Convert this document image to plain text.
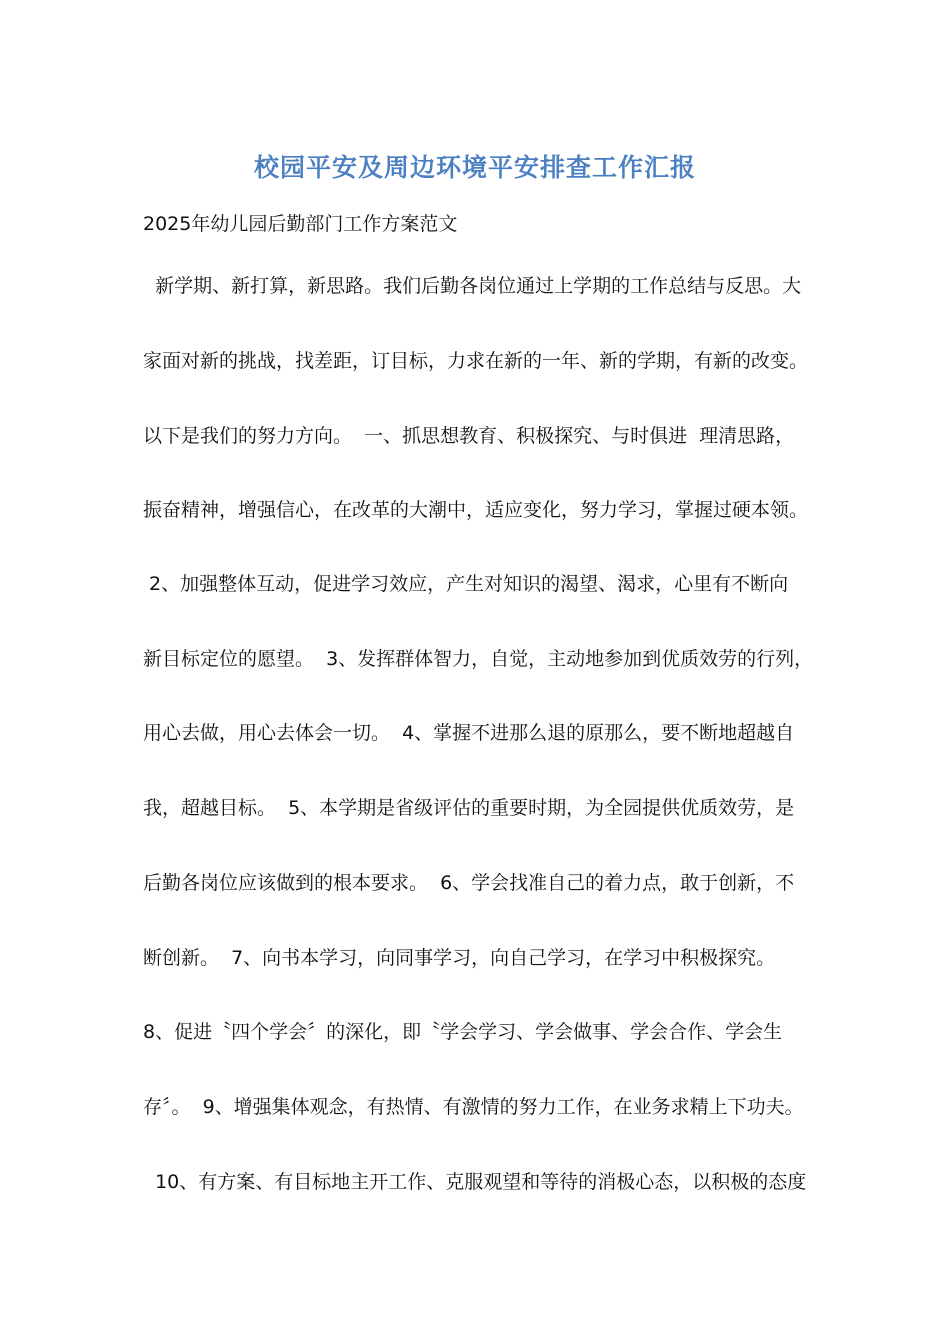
校园平安及周边环境平安排查工作汇报
2025年幼儿园后勤部门工作方案范文
新学期、新打算，新思路。我们后勤各岗位通过上学期的工作总结与反思。大
家面对新的挑战，找差距，订目标，力求在新的一年、新的学期，有新的改变。
以下是我们的努力方向。  一、抓思想教育、积极探究、与时俱进  理清思路，
振奋精神，增强信心，在改革的大潮中，适应变化，努力学习，掌握过硬本领。
2、加强整体互动，促进学习效应，产生对知识的渴望、渴求，心里有不断向
新目标定位的愿望。  3、发挥群体智力，自觉，主动地参加到优质效劳的行列，
用心去做，用心去体会一切。  4、掌握不进那么退的原那么，要不断地超越自
我，超越目标。  5、本学期是省级评估的重要时期，为全园提供优质效劳，是
后勤各岗位应该做到的根本要求。  6、学会找准自己的着力点，敢于创新，不
断创新。  7、向书本学习，向同事学习，向自己学习，在学习中积极探究。
8、促进〝四个学会〞的深化，即〝学会学习、学会做事、学会合作、学会生
存〞。  9、增强集体观念，有热情、有激情的努力工作，在业务求精上下功夫。
10、有方案、有目标地主开工作、克服观望和等待的消极心态，以积极的态度
